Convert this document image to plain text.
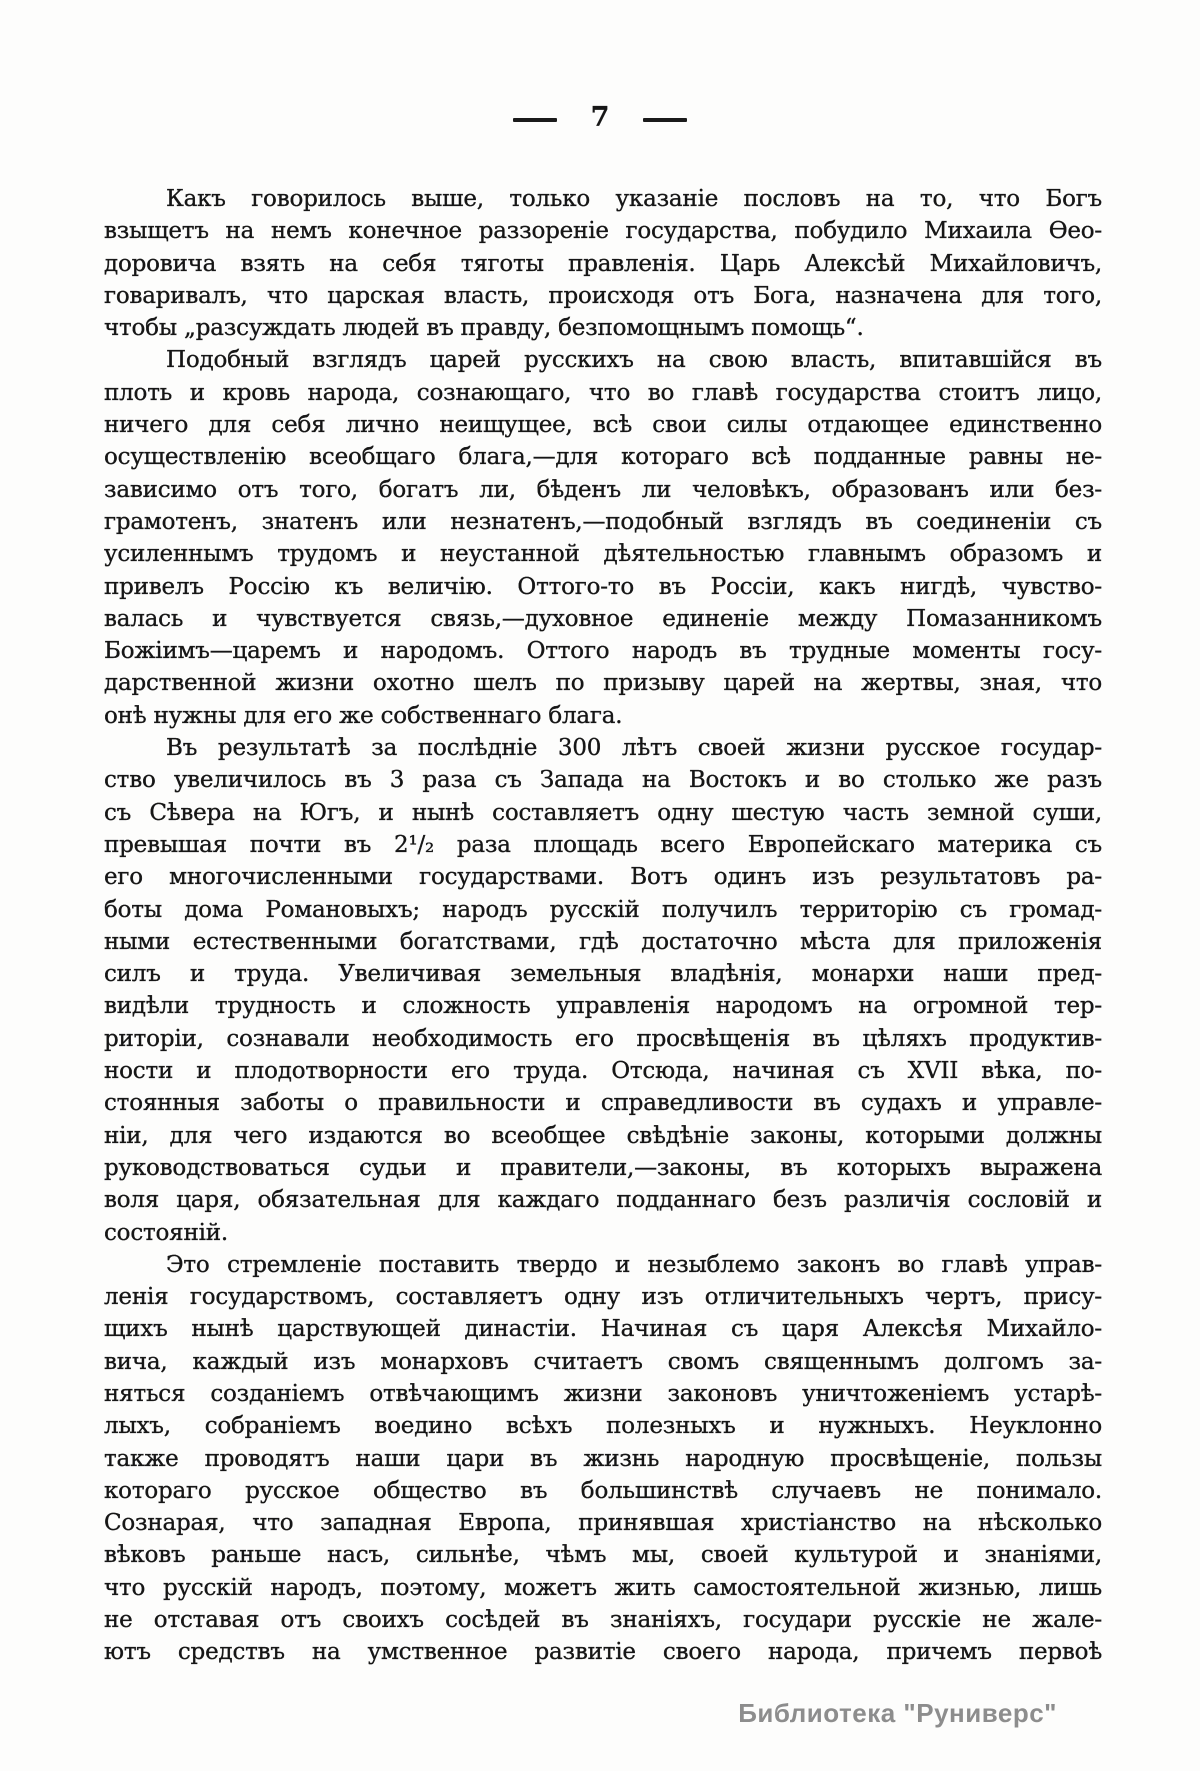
7
Какъ говорилось выше, только указаніе пословъ на то, что Богъ
взыщетъ на немъ конечное раззореніе государства, побудило Михаила Ѳео-
доровича взять на себя тяготы правленія. Царь Алексѣй Михайловичъ,
говаривалъ, что царская власть, происходя отъ Бога, назначена для того,
чтобы „разсуждать людей въ правду, безпомощнымъ помощь“.
Подобный взглядъ царей русскихъ на свою власть, впитавшійся въ
плоть и кровь народа, сознающаго, что во главѣ государства стоитъ лицо,
ничего для себя лично неищущее, всѣ свои силы отдающее единственно
осуществленію всеобщаго блага,—для котораго всѣ подданные равны не-
зависимо отъ того, богатъ ли, бѣденъ ли человѣкъ, образованъ или без-
грамотенъ, знатенъ или незнатенъ,—подобный взглядъ въ соединеніи съ
усиленнымъ трудомъ и неустанной дѣятельностью главнымъ образомъ и
привелъ Россію къ величію. Оттого-то въ Россіи, какъ нигдѣ, чувство-
валась и чувствуется связь,—духовное единеніе между Помазанникомъ
Божіимъ—царемъ и народомъ. Оттого народъ въ трудные моменты госу-
дарственной жизни охотно шелъ по призыву царей на жертвы, зная, что
онѣ нужны для его же собственнаго блага.
Въ результатѣ за послѣдніе 300 лѣтъ своей жизни русское государ-
ство увеличилось въ 3 раза съ Запада на Востокъ и во столько же разъ
съ Сѣвера на Югъ, и нынѣ составляетъ одну шестую часть земной суши,
превышая почти въ 2¹/₂ раза площадь всего Европейскаго материка съ
его многочисленными государствами. Вотъ одинъ изъ результатовъ ра-
боты дома Романовыхъ; народъ русскій получилъ территорію съ громад-
ными естественными богатствами, гдѣ достаточно мѣста для приложенія
силъ и труда. Увеличивая земельныя владѣнія, монархи наши пред-
видѣли трудность и сложность управленія народомъ на огромной тер-
риторіи, сознавали необходимость его просвѣщенія въ цѣляхъ продуктив-
ности и плодотворности его труда. Отсюда, начиная съ XVII вѣка, по-
стоянныя заботы о правильности и справедливости въ судахъ и управле-
ніи, для чего издаются во всеобщее свѣдѣніе законы, которыми должны
руководствоваться судьи и правители,—законы, въ которыхъ выражена
воля царя, обязательная для каждаго подданнаго безъ различія сословій и
состояній.
Это стремленіе поставить твердо и незыблемо законъ во главѣ управ-
ленія государствомъ, составляетъ одну изъ отличительныхъ чертъ, прису-
щихъ нынѣ царствующей династіи. Начиная съ царя Алексѣя Михайло-
вича, каждый изъ монарховъ считаетъ свомъ священнымъ долгомъ за-
няться созданіемъ отвѣчающимъ жизни законовъ уничтоженіемъ устарѣ-
лыхъ, собраніемъ воедино всѣхъ полезныхъ и нужныхъ. Неуклонно
также проводятъ наши цари въ жизнь народную просвѣщеніе, пользы
котораго русское общество въ большинствѣ случаевъ не понимало.
Сознарая, что западная Европа, принявшая христіанство на нѣсколько
вѣковъ раньше насъ, сильнѣе, чѣмъ мы, своей культурой и знаніями,
что русскій народъ, поэтому, можетъ жить самостоятельной жизнью, лишь
не отставая отъ своихъ сосѣдей въ знаніяхъ, государи русскіе не жале-
ютъ средствъ на умственное развитіе своего народа, причемъ первоѣ
Библиотека "Руниверс"
